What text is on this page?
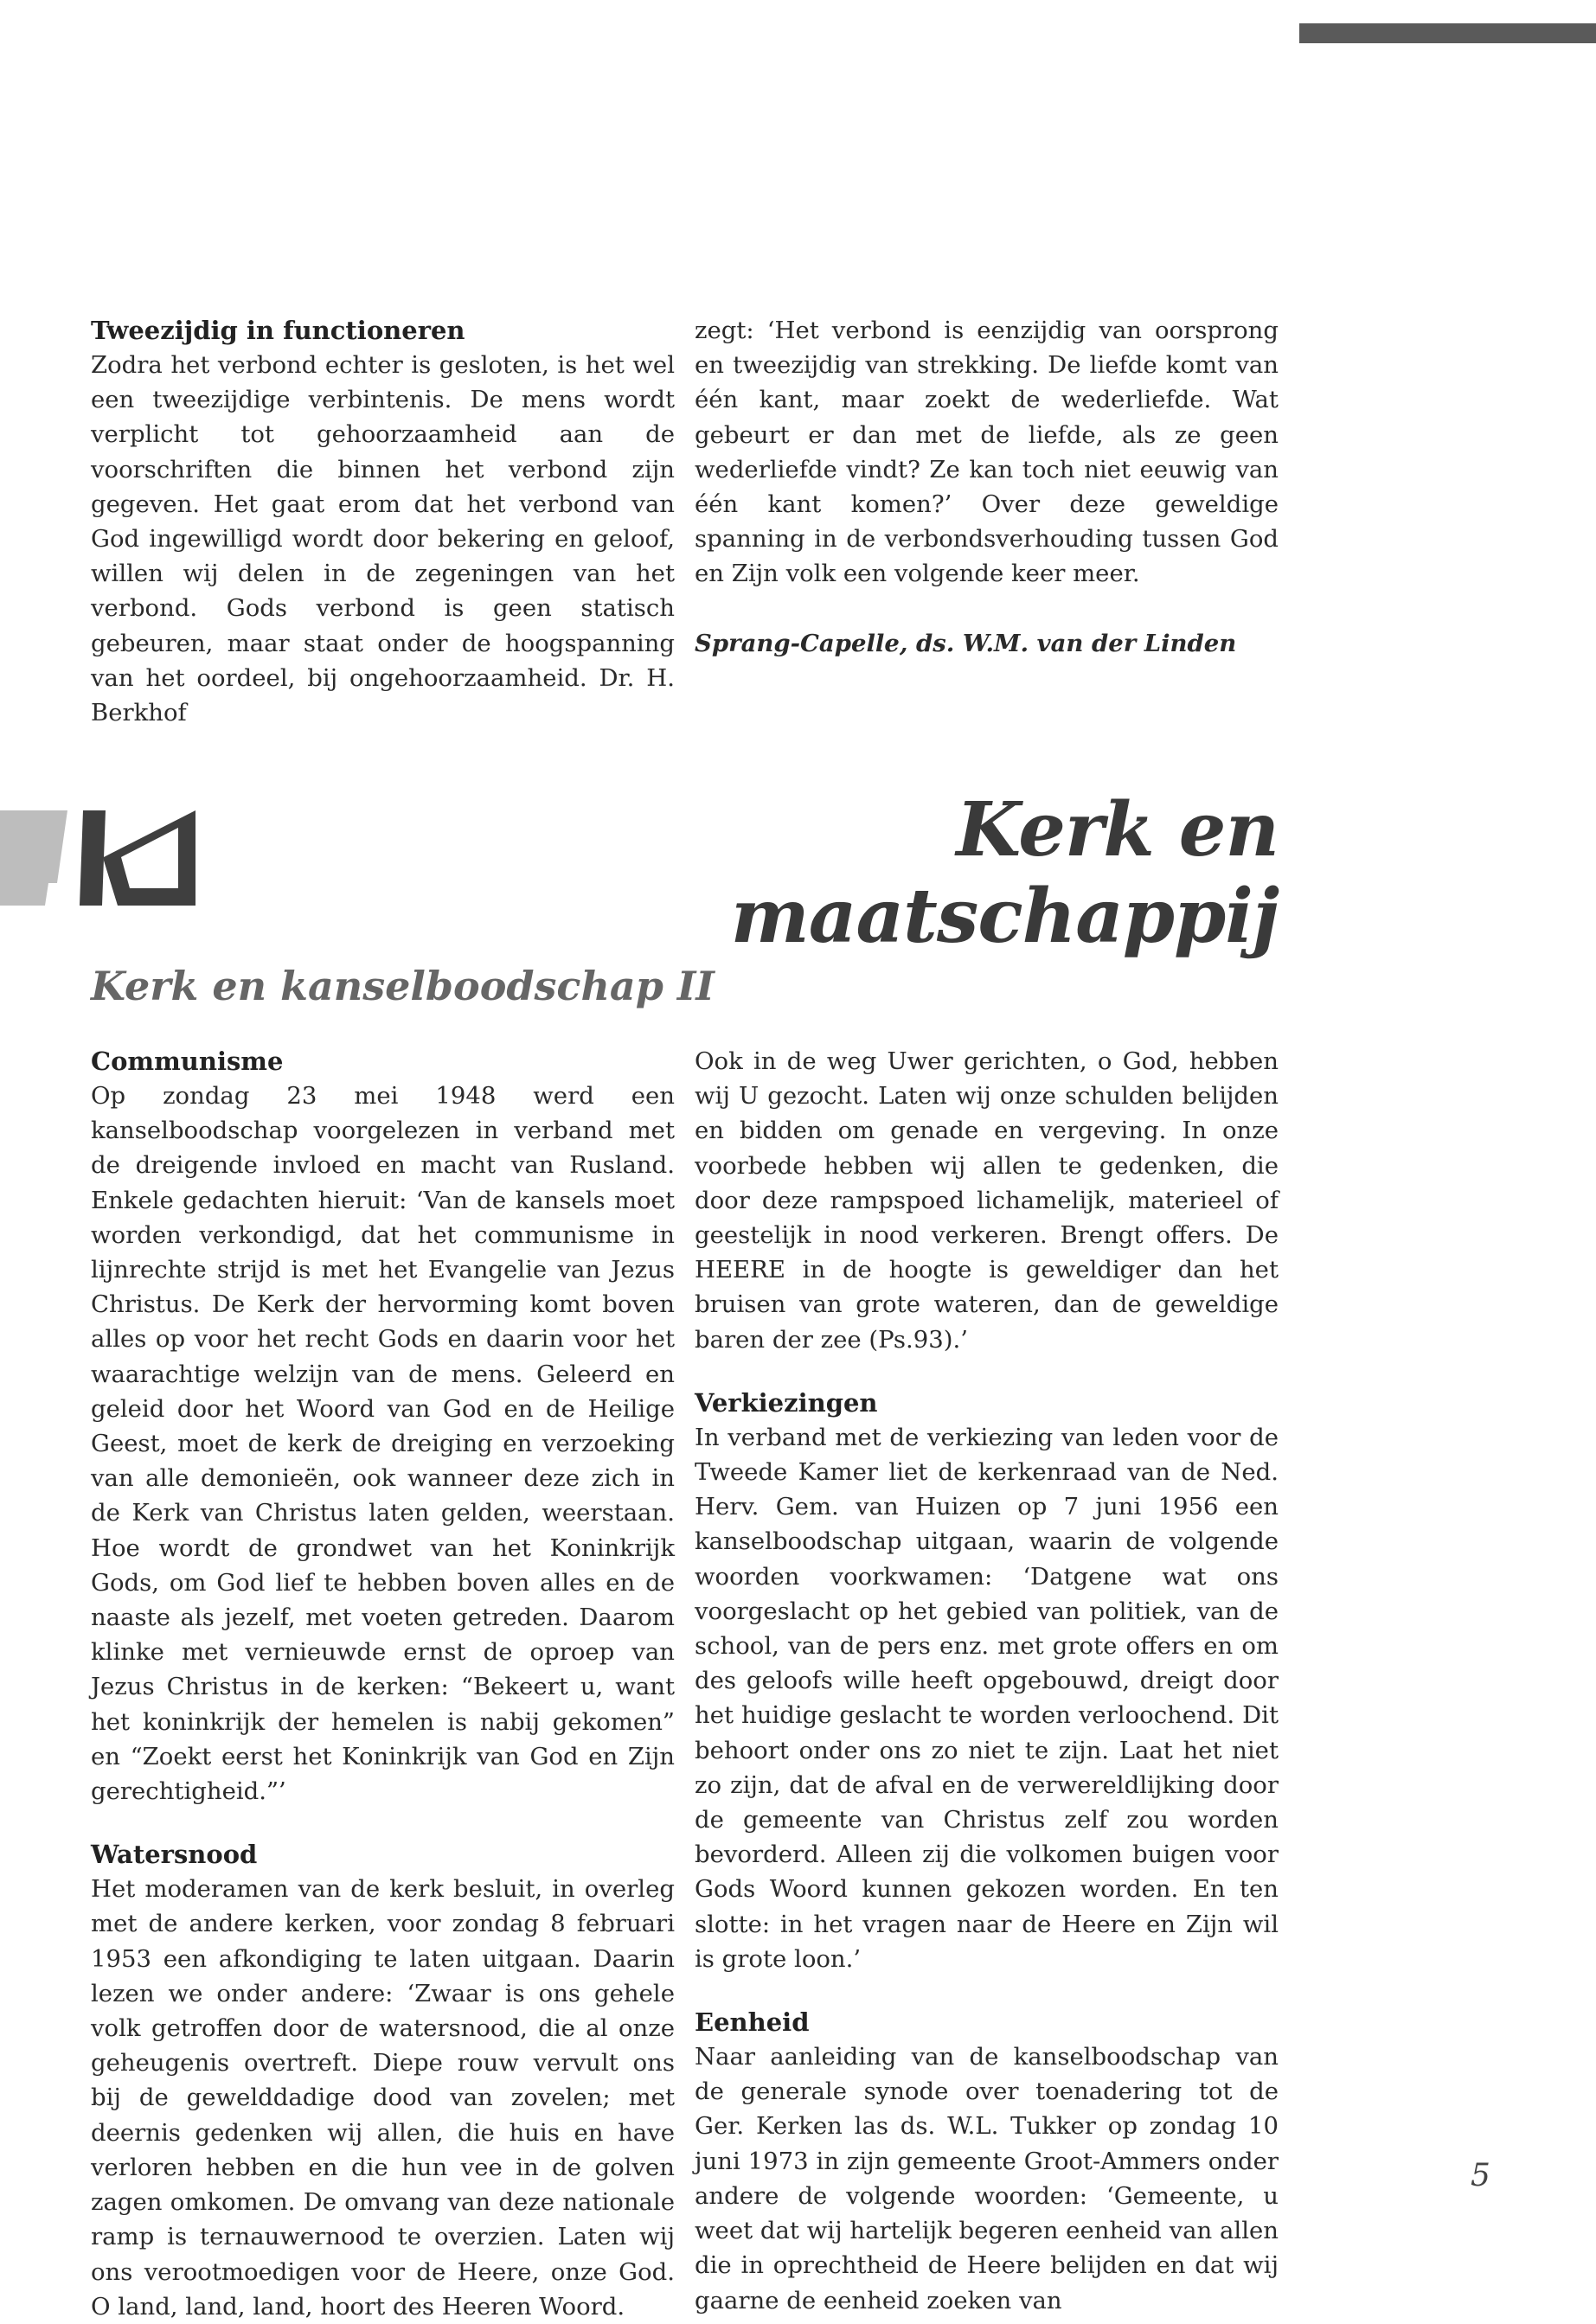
Tweezijdig in functioneren

Zodra het verbond echter is gesloten, is het wel een tweezijdige verbintenis. De mens wordt verplicht tot gehoorzaamheid aan de voorschriften die binnen het verbond zijn gegeven. Het gaat erom dat het verbond van God ingewilligd wordt door bekering en geloof, willen wij delen in de zegeningen van het verbond. Gods verbond is geen statisch gebeuren, maar staat onder de hoogspanning van het oordeel, bij ongehoorzaamheid. Dr. H. Berkhof

zegt: ‘Het verbond is eenzijdig van oorsprong en tweezijdig van strekking. De liefde komt van één kant, maar zoekt de wederliefde. Wat gebeurt er dan met de liefde, als ze geen wederliefde vindt? Ze kan toch niet eeuwig van één kant komen?’ Over deze geweldige spanning in de verbondsverhouding tussen God en Zijn volk een volgende keer meer.

Sprang-Capelle, ds. W.M. van der Linden

Kerk en maatschappij
Kerk en kanselboodschap II
Communisme

Op zondag 23 mei 1948 werd een kanselboodschap voorgelezen in verband met de dreigende invloed en macht van Rusland. Enkele gedachten hieruit: ‘Van de kansels moet worden verkondigd, dat het communisme in lijnrechte strijd is met het Evangelie van Jezus Christus. De Kerk der hervorming komt boven alles op voor het recht Gods en daarin voor het waarachtige welzijn van de mens. Geleerd en geleid door het Woord van God en de Heilige Geest, moet de kerk de dreiging en verzoeking van alle demonieën, ook wanneer deze zich in de Kerk van Christus laten gelden, weerstaan. Hoe wordt de grondwet van het Koninkrijk Gods, om God lief te hebben boven alles en de naaste als jezelf, met voeten getreden. Daarom klinke met vernieuwde ernst de oproep van Jezus Christus in de kerken: “Bekeert u, want het koninkrijk der hemelen is nabij gekomen” en “Zoekt eerst het Koninkrijk van God en Zijn gerechtigheid.”’

Watersnood

Het moderamen van de kerk besluit, in overleg met de andere kerken, voor zondag 8 februari 1953 een afkondiging te laten uitgaan. Daarin lezen we onder andere: ‘Zwaar is ons gehele volk getroffen door de watersnood, die al onze geheugenis overtreft. Diepe rouw vervult ons bij de gewelddadige dood van zovelen; met deernis gedenken wij allen, die huis en have verloren hebben en die hun vee in de golven zagen omkomen. De omvang van deze nationale ramp is ternauwernood te overzien. Laten wij ons verootmoedigen voor de Heere, onze God. O land, land, land, hoort des Heeren Woord.

Ook in de weg Uwer gerichten, o God, hebben wij U gezocht. Laten wij onze schulden belijden en bidden om genade en vergeving. In onze voorbede hebben wij allen te gedenken, die door deze rampspoed lichamelijk, materieel of geestelijk in nood verkeren. Brengt offers. De HEERE in de hoogte is geweldiger dan het bruisen van grote wateren, dan de geweldige baren der zee (Ps.93).’

Verkiezingen

In verband met de verkiezing van leden voor de Tweede Kamer liet de kerkenraad van de Ned. Herv. Gem. van Huizen op 7 juni 1956 een kanselboodschap uitgaan, waarin de volgende woorden voorkwamen: ‘Datgene wat ons voorgeslacht op het gebied van politiek, van de school, van de pers enz. met grote offers en om des geloofs wille heeft opgebouwd, dreigt door het huidige geslacht te worden verloochend. Dit behoort onder ons zo niet te zijn. Laat het niet zo zijn, dat de afval en de verwereldlijking door de gemeente van Christus zelf zou worden bevorderd. Alleen zij die volkomen buigen voor Gods Woord kunnen gekozen worden. En ten slotte: in het vragen naar de Heere en Zijn wil is grote loon.’

Eenheid

Naar aanleiding van de kanselboodschap van de generale synode over toenadering tot de Ger. Kerken las ds. W.L. Tukker op zondag 10 juni 1973 in zijn gemeente Groot-Ammers onder andere de volgende woorden: ‘Gemeente, u weet dat wij hartelijk begeren eenheid van allen die in oprechtheid de Heere belijden en dat wij gaarne de eenheid zoeken van

5
